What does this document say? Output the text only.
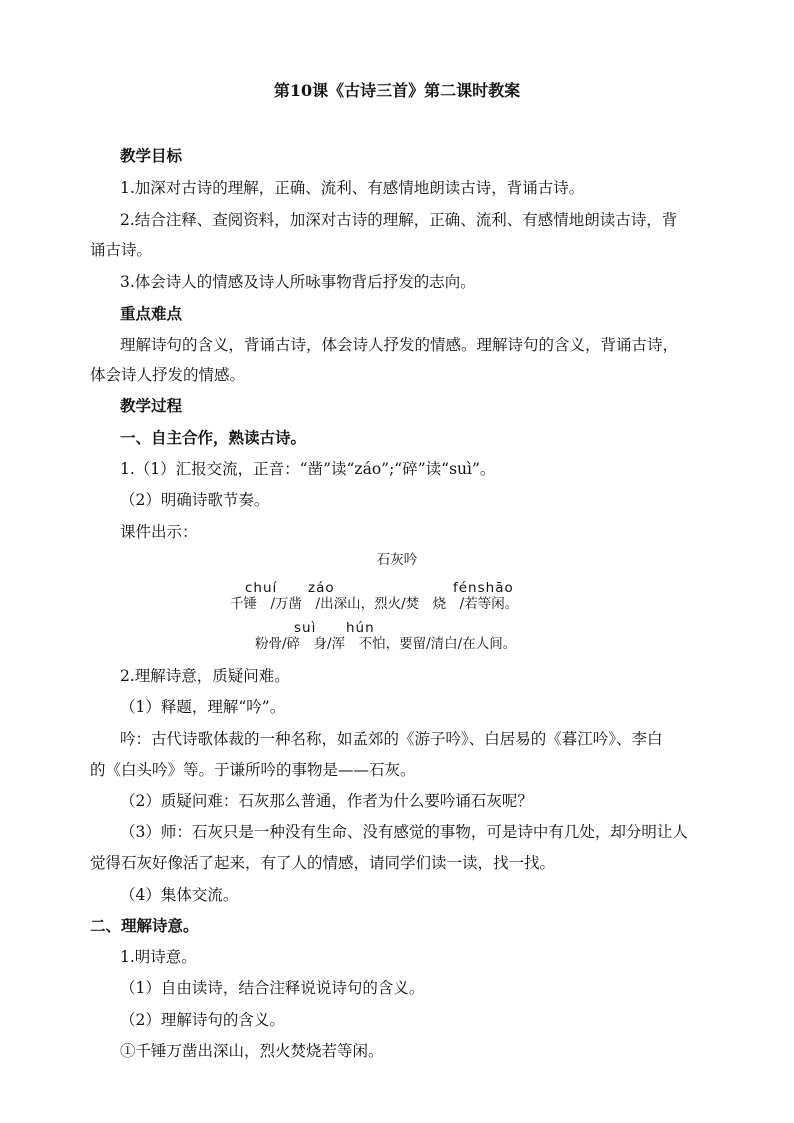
第10课《古诗三首》第二课时教案
教学目标
1.加深对古诗的理解，正确、流利、有感情地朗读古诗，背诵古诗。
2.结合注释、查阅资料，加深对古诗的理解，正确、流利、有感情地朗读古诗，背
诵古诗。
3.体会诗人的情感及诗人所咏事物背后抒发的志向。
重点难点
理解诗句的含义，背诵古诗，体会诗人抒发的情感。理解诗句的含义，背诵古诗，
体会诗人抒发的情感。
教学过程
一、自主合作，熟读古诗。
1.（1）汇报交流，正音：“凿”读“záo”;“碎”读“suì”。
（2）明确诗歌节奏。
课件出示：
石灰吟
chuí záo	fénshāo
千锤　/万凿　/出深山，烈火/焚　烧　/若等闲。
suì hún
粉骨/碎　身/浑　不怕，要留/清白/在人间。
2.理解诗意，质疑问难。
（1）释题，理解“吟”。
吟：古代诗歌体裁的一种名称，如孟郊的《游子吟》、白居易的《暮江吟》、李白
的《白头吟》等。于谦所吟的事物是——石灰。
（2）质疑问难：石灰那么普通，作者为什么要吟诵石灰呢？
（3）师：石灰只是一种没有生命、没有感觉的事物，可是诗中有几处，却分明让人
觉得石灰好像活了起来，有了人的情感，请同学们读一读，找一找。
（4）集体交流。
二、理解诗意。
1.明诗意。
（1）自由读诗，结合注释说说诗句的含义。
（2）理解诗句的含义。
①千锤万凿出深山，烈火焚烧若等闲。
